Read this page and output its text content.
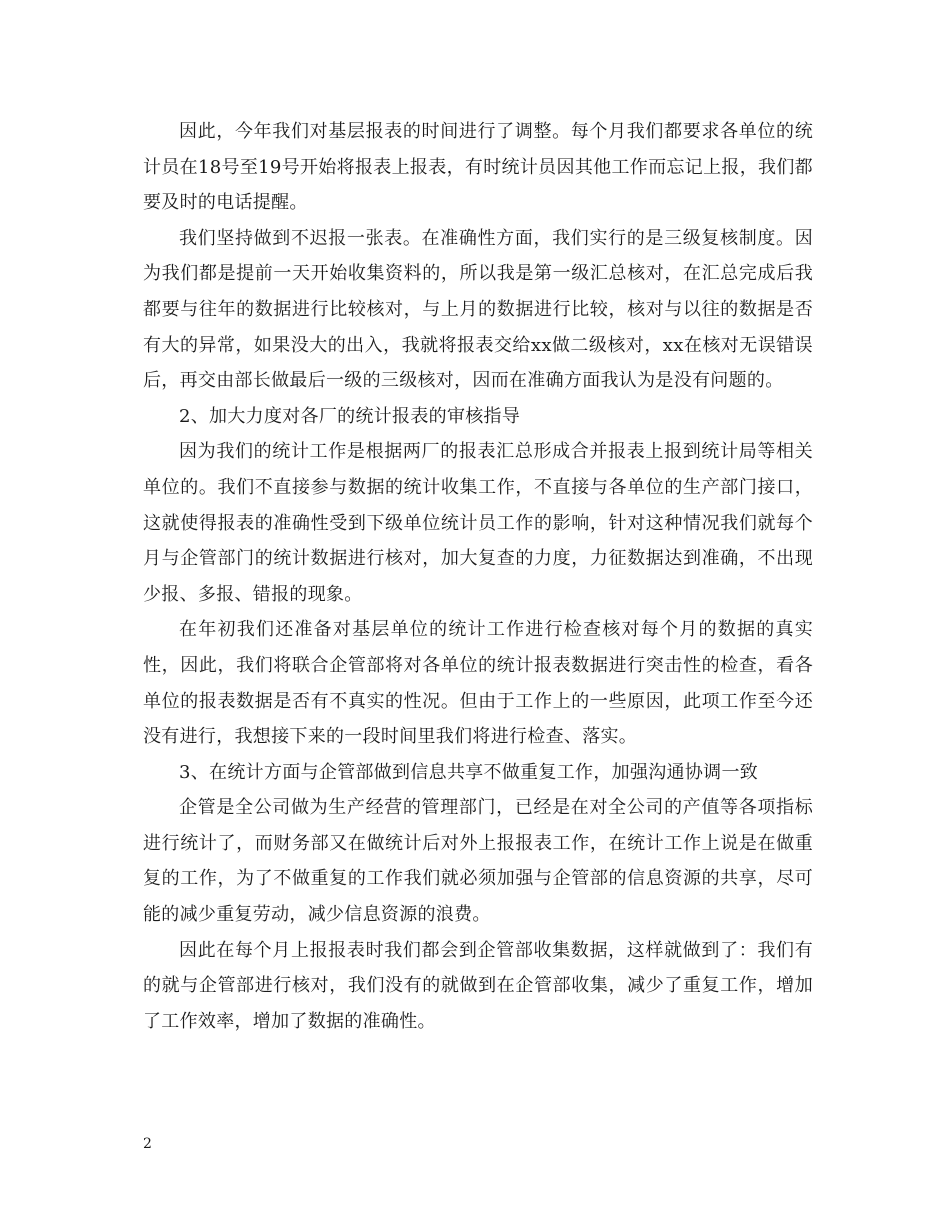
因此，今年我们对基层报表的时间进行了调整。每个月我们都要求各单位的统计员在18号至19号开始将报表上报表，有时统计员因其他工作而忘记上报，我们都要及时的电话提醒。

我们坚持做到不迟报一张表。在准确性方面，我们实行的是三级复核制度。因为我们都是提前一天开始收集资料的，所以我是第一级汇总核对，在汇总完成后我都要与往年的数据进行比较核对，与上月的数据进行比较，核对与以往的数据是否有大的异常，如果没大的出入，我就将报表交给xx做二级核对，xx在核对无误错误后，再交由部长做最后一级的三级核对，因而在准确方面我认为是没有问题的。

2、加大力度对各厂的统计报表的审核指导

因为我们的统计工作是根据两厂的报表汇总形成合并报表上报到统计局等相关单位的。我们不直接参与数据的统计收集工作，不直接与各单位的生产部门接口，这就使得报表的准确性受到下级单位统计员工作的影响，针对这种情况我们就每个月与企管部门的统计数据进行核对，加大复查的力度，力征数据达到准确，不出现少报、多报、错报的现象。

在年初我们还准备对基层单位的统计工作进行检查核对每个月的数据的真实性，因此，我们将联合企管部将对各单位的统计报表数据进行突击性的检查，看各单位的报表数据是否有不真实的性况。但由于工作上的一些原因，此项工作至今还没有进行，我想接下来的一段时间里我们将进行检查、落实。

3、在统计方面与企管部做到信息共享不做重复工作，加强沟通协调一致

企管是全公司做为生产经营的管理部门，已经是在对全公司的产值等各项指标进行统计了，而财务部又在做统计后对外上报报表工作，在统计工作上说是在做重复的工作，为了不做重复的工作我们就必须加强与企管部的信息资源的共享，尽可能的减少重复劳动，减少信息资源的浪费。

因此在每个月上报报表时我们都会到企管部收集数据，这样就做到了：我们有的就与企管部进行核对，我们没有的就做到在企管部收集，减少了重复工作，增加了工作效率，增加了数据的准确性。

2
